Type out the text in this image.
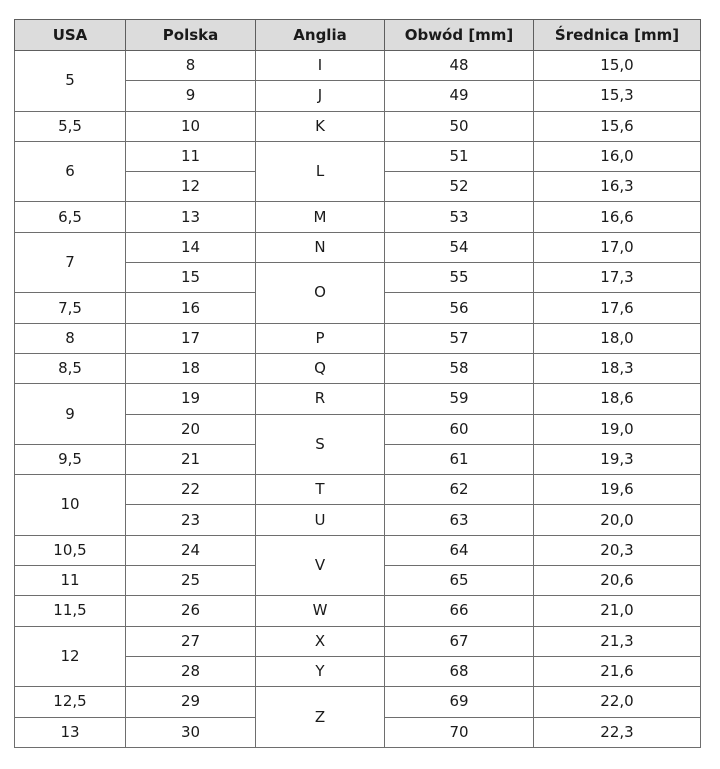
USA	Polska	Anglia	Obwód [mm]	Średnica [mm]
5	8	I	48	15,0
	9	J	49	15,3
5,5	10	K	50	15,6
6	11	L	51	16,0
	12		52	16,3
6,5	13	M	53	16,6
7	14	N	54	17,0
	15	O	55	17,3
7,5	16		56	17,6
8	17	P	57	18,0
8,5	18	Q	58	18,3
9	19	R	59	18,6
	20	S	60	19,0
9,5	21		61	19,3
10	22	T	62	19,6
	23	U	63	20,0
10,5	24	V	64	20,3
11	25		65	20,6
11,5	26	W	66	21,0
12	27	X	67	21,3
	28	Y	68	21,6
12,5	29	Z	69	22,0
13	30		70	22,3
